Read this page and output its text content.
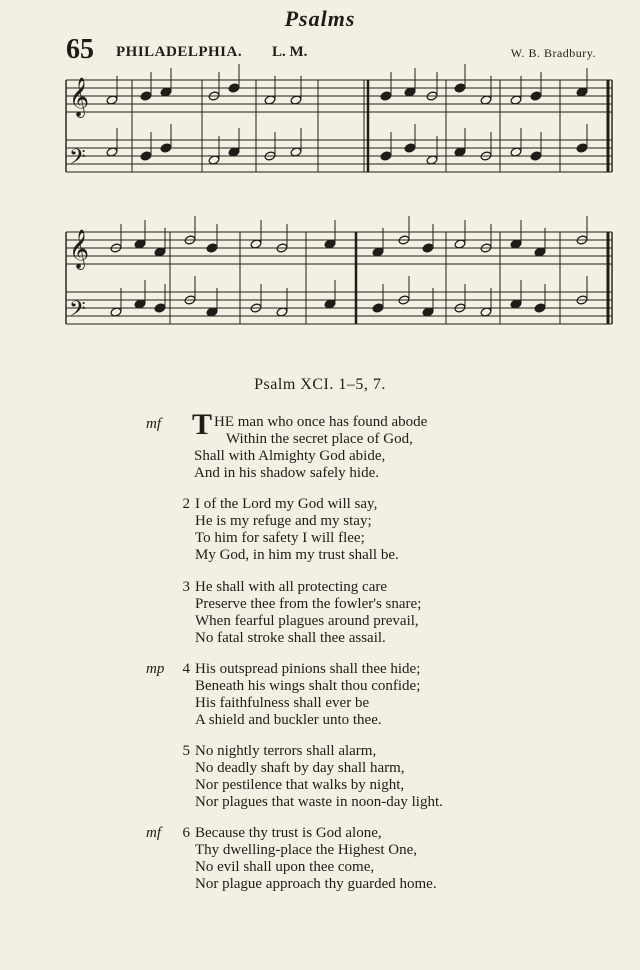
Psalms
65 PHILADELPHIA. L. M.	W. B. Bradbury.
𝄞
𝄢
𝄞
𝄢
Psalm XCI. 1–5, 7.
mf T HE man who once has found abode
Within the secret place of God,
Shall with Almighty God abide,
And in his shadow safely hide.
2 I of the Lord my God will say,
He is my refuge and my stay;
To him for safety I will flee;
My God, in him my trust shall be.
3 He shall with all protecting care
Preserve thee from the fowler's snare;
When fearful plagues around prevail,
No fatal stroke shall thee assail.
mp	4 His outspread pinions shall thee hide;
Beneath his wings shalt thou confide;
His faithfulness shall ever be
A shield and buckler unto thee.
5 No nightly terrors shall alarm,
No deadly shaft by day shall harm,
Nor pestilence that walks by night,
Nor plagues that waste in noon-day light.
mf	6 Because thy trust is God alone,
Thy dwelling-place the Highest One,
No evil shall upon thee come,
Nor plague approach thy guarded home.
